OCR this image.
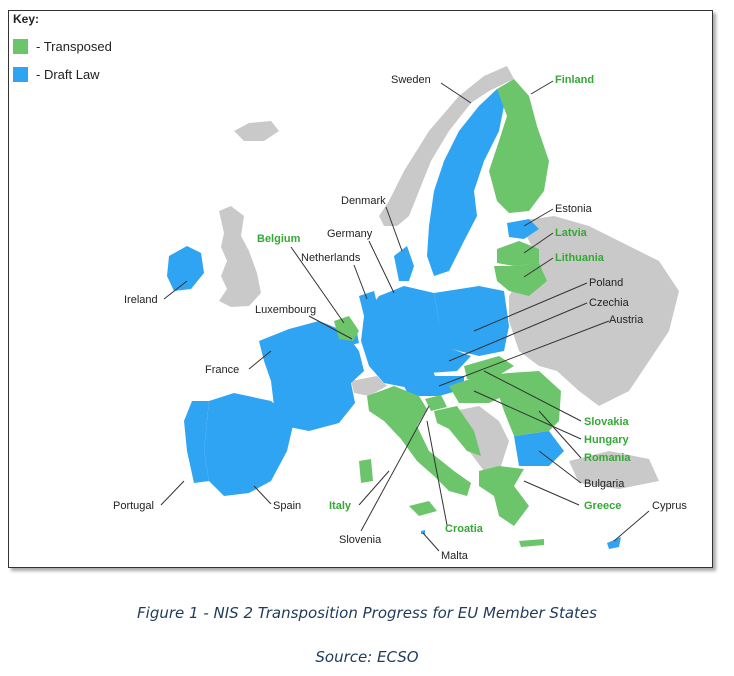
Sweden	Finland
Estonia
Latvia
Lithuania
Denmark
Germany
Belgium
Netherlands
Ireland
Luxembourg
Poland
Czechia
Austria
France
Slovakia
Hungary
Romania
Bulgaria
Portugal	Spain	Italy	Greece	Cyprus
Croatia
Slovenia
Malta
Key:
- Transposed
- Draft Law
Figure 1 - NIS 2 Transposition Progress for EU Member States
Source: ECSO
